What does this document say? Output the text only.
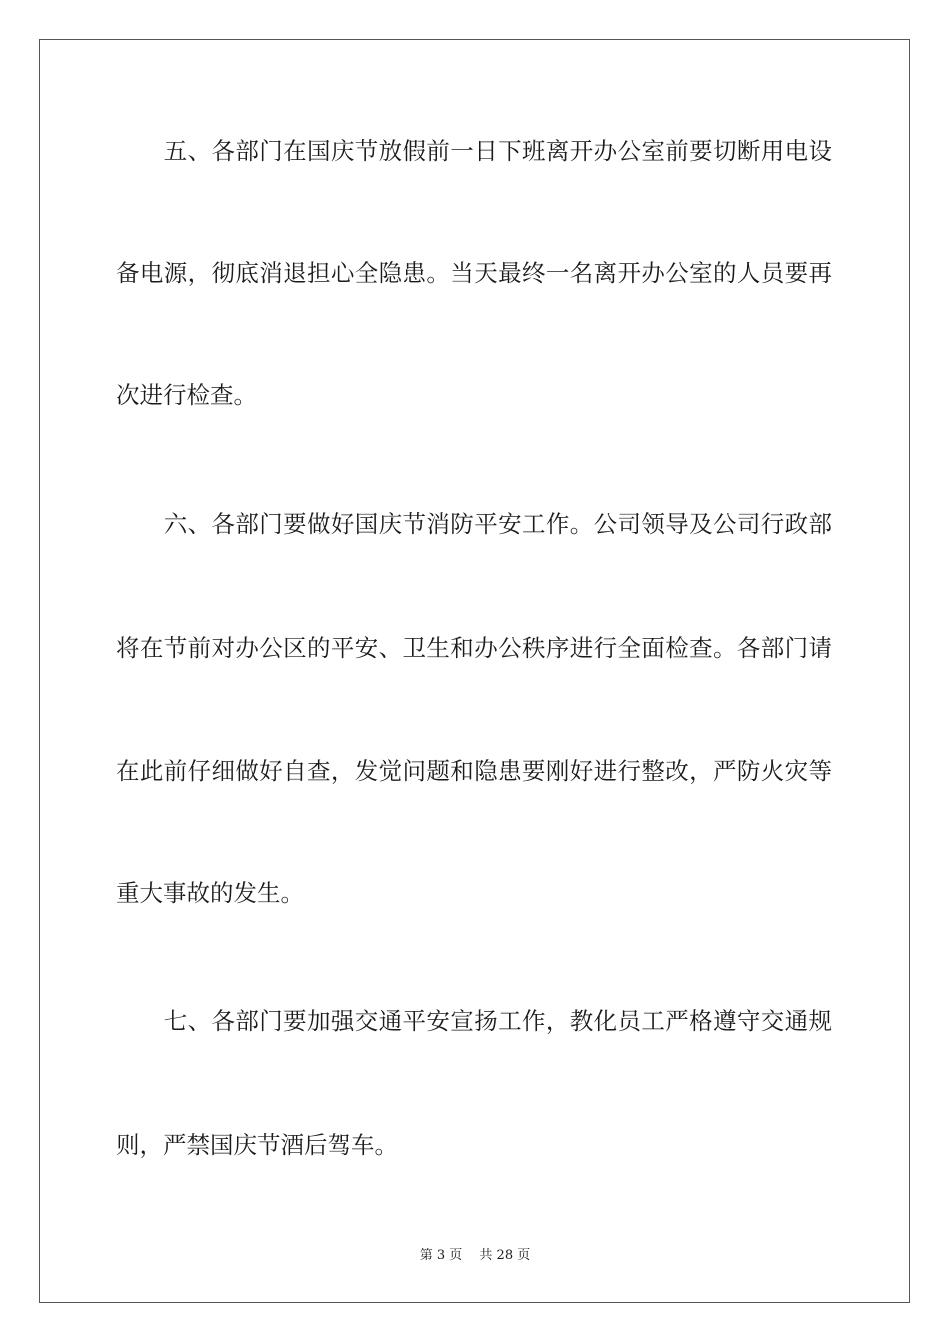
　　五、各部门在国庆节放假前一日下班离开办公室前要切断用电设
备电源，彻底消退担心全隐患。当天最终一名离开办公室的人员要再
次进行检查。
　　六、各部门要做好国庆节消防平安工作。公司领导及公司行政部
将在节前对办公区的平安、卫生和办公秩序进行全面检查。各部门请
在此前仔细做好自查，发觉问题和隐患要刚好进行整改，严防火灾等
重大事故的发生。
　　七、各部门要加强交通平安宣扬工作，教化员工严格遵守交通规
则，严禁国庆节酒后驾车。
第 3 页　 共 28 页
